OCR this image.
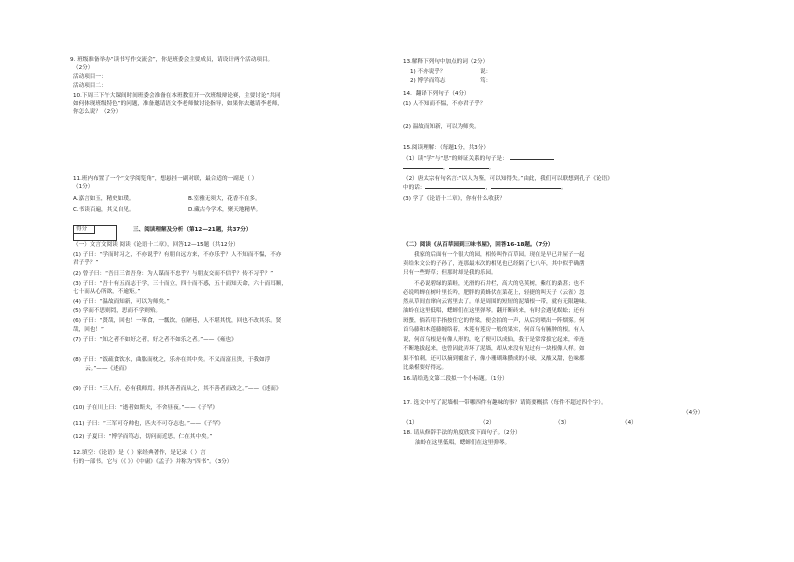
9. 班级准备举办“读书写作交流会”，你是班委会主要成员，请设计两个活动项目。
（2分）
活动项目一：
活动项目二：
10.下周三下午大课间时间班委会准备在本班教室开一次班级辩论赛，主要讨论“共同
如何体现班级特色”的问题，准备邀请语文李老师做讨论指导，如果你去邀请李老师，
你怎么说？（2分）
11.班内布置了一个“文学阅览角”，想悬挂一副对联，最合适的一副是（ ）
（1分）
A.嘉言如玉，精史如璞。	B.室雅无须大，花香不在多。
C.书读百遍，其义自见。	D.藏古今学术，聚天地精华。
得分	三、阅读理解及分析（第12—21题，共37分）
（一）文言文阅读 阅读《论语十二章》，回答12—15题（共12分）
(1) 子曰：“学而时习之，不亦说乎？有朋自远方来，不亦乐乎？人不知而不愠，不亦
君子乎？”
(2) 曾子曰：“吾日三省吾身：为人谋而不忠乎？与朋友交而不信乎？传不习乎？”
(3) 子曰：“吾十有五而志于学，三十而立，四十而不惑，五十而知天命，六十而耳顺，
七十而从心所欲，不逾矩。”
(4) 子曰：“温故而知新，可以为师矣。”
(5) 学而不思则罔，思而不学则殆。
(6) 子曰：“贤哉，回也！一箪食，一瓢饮，在陋巷，人不堪其忧，回也不改其乐。贤
哉，回也！”
(7) 子曰：“知之者不如好之者，好之者不如乐之者。”——《雍也》
(8) 子曰：“饭疏食饮水，曲肱而枕之，乐亦在其中矣。不义而富且贵，于我如浮
云。”——《述而》
(9) 子曰：“三人行，必有我师焉。择其善者而从之，其不善者而改之。”——《述而》
(10) 子在川上曰：“逝者如斯夫，不舍昼夜。”——《子罕》
(11) 子曰：“三军可夺帅也，匹夫不可夺志也。”——《子罕》
(12) 子夏曰：“博学而笃志，切问而近思，仁在其中矣。”
12.填空：《论语》是（ ）家经典著作，是记录（ ）言
行的一部书。它与（《 》）《中庸》《孟子》并称为“四书”。（3分）
13.解释下列句中加点的词（2分）
1) 不亦说乎？	说：
2) 博学而笃志	笃：
14．翻译下列句子（4分）
(1) 人不知而不愠，不亦君子乎？
(2) 温故而知新，可以为师矣。
15.阅读理解：（每题1分，共3分）
（1）读“学”与“思”的辩证关系的句子是：
，	。
（2）唐太宗有句名言:“以人为鉴，可以知得失。”由此，我们可以联想到孔子《论语》
中的话：	，	。
(3) 学了《论语十二章》，你有什么收获？
（二）阅读《从百草园到三味书屋》，回答16-18题。（7分）
我家的后面有一个很大的园，相传叫作百草园。现在是早已并屋子一起
卖给朱文公的子孙了，连那最末次的相见也已经隔了七八年，其中似乎确凿
只有一些野草；但那时却是我的乐园。
不必说碧绿的菜畦，光滑的石井栏，高大的皂荚树，紫红的桑葚；也不
必说鸣蝉在树叶里长吟，肥胖的黄蜂伏在菜花上，轻捷的叫天子（云雀）忽
然从草间直窜向云霄里去了。单是周围的短短的泥墙根一带，就有无限趣味。
油蛉在这里低唱，蟋蟀们在这里弹琴。翻开断砖来，有时会遇见蜈蚣；还有
斑蝥，倘若用手指按住它的脊梁，便会拍的一声，从后窍喷出一阵烟雾。何
首乌藤和木莲藤缠络着，木莲有莲房一般的果实，何首乌有臃肿的根。有人
说，何首乌根是有像人形的，吃了便可以成仙，我于是常常拔它起来，牵连
不断地拔起来，也曾因此弄坏了泥墙，却从来没有见过有一块根像人样。如
果不怕刺，还可以摘到覆盆子，像小珊瑚珠攒成的小球，又酸又甜，色味都
比桑椹要好得远。
16.请给选文第二段拟一个小标题。（1分）
17. 选文中写了泥墙根一带哪四件有趣味的事？请简要概括（每件不超过四个字）。
（4分）
（1）	（2）	（3）	（4）
18. 请从修辞手法的角度欣赏下面句子。（2分）
油蛉在这里低唱，蟋蟀们在这里弹琴。
